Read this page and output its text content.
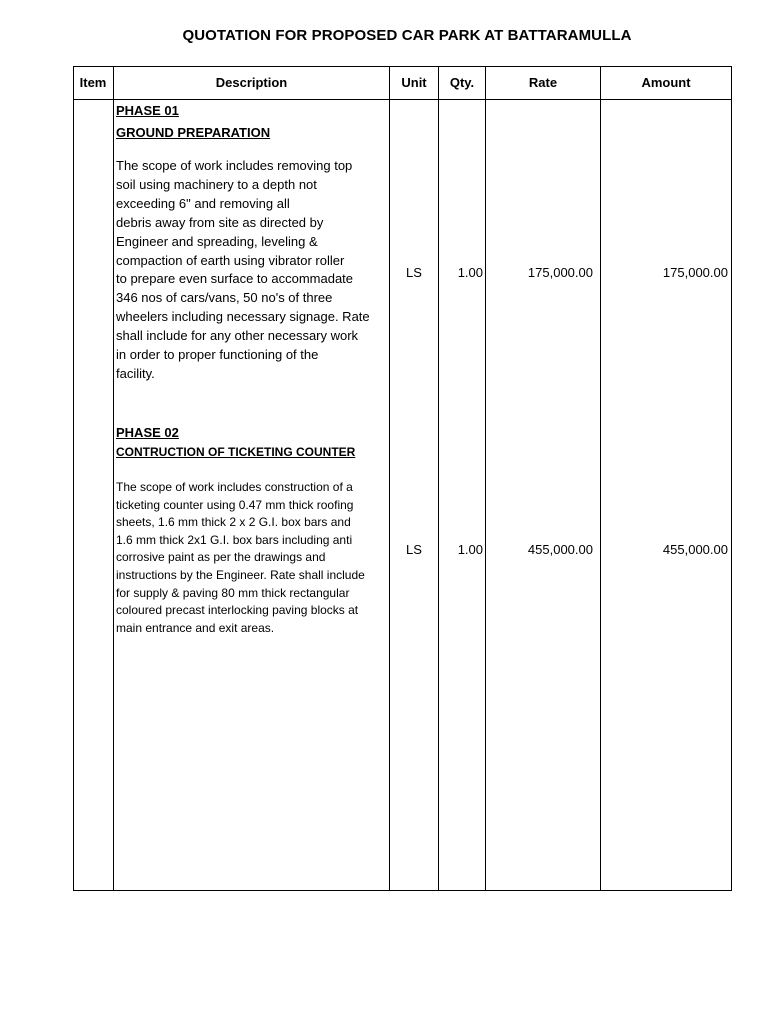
QUOTATION FOR PROPOSED CAR PARK AT BATTARAMULLA
Item	Description	Unit	Qty.	Rate	Amount
PHASE 01
GROUND PREPARATION
The scope of work includes removing top
soil using machinery to a depth not
exceeding 6" and removing all
debris away from site as directed by
Engineer and spreading, leveling &
compaction of earth using vibrator roller
to prepare even surface to accommadate
346 nos of cars/vans, 50 no's of three
wheelers including necessary signage. Rate
shall include for any other necessary work
in order to proper functioning of the
facility.
LS	1.00	175,000.00	175,000.00
PHASE 02
CONTRUCTION OF TICKETING COUNTER
The scope of work includes construction of a
ticketing counter using 0.47 mm thick roofing
sheets, 1.6 mm thick 2 x 2 G.I. box bars and
1.6 mm thick 2x1 G.I. box bars including anti
corrosive paint as per the drawings and
instructions by the Engineer. Rate shall include
for supply & paving 80 mm thick rectangular
coloured precast interlocking paving blocks at
main entrance and exit areas.
LS	1.00	455,000.00	455,000.00
